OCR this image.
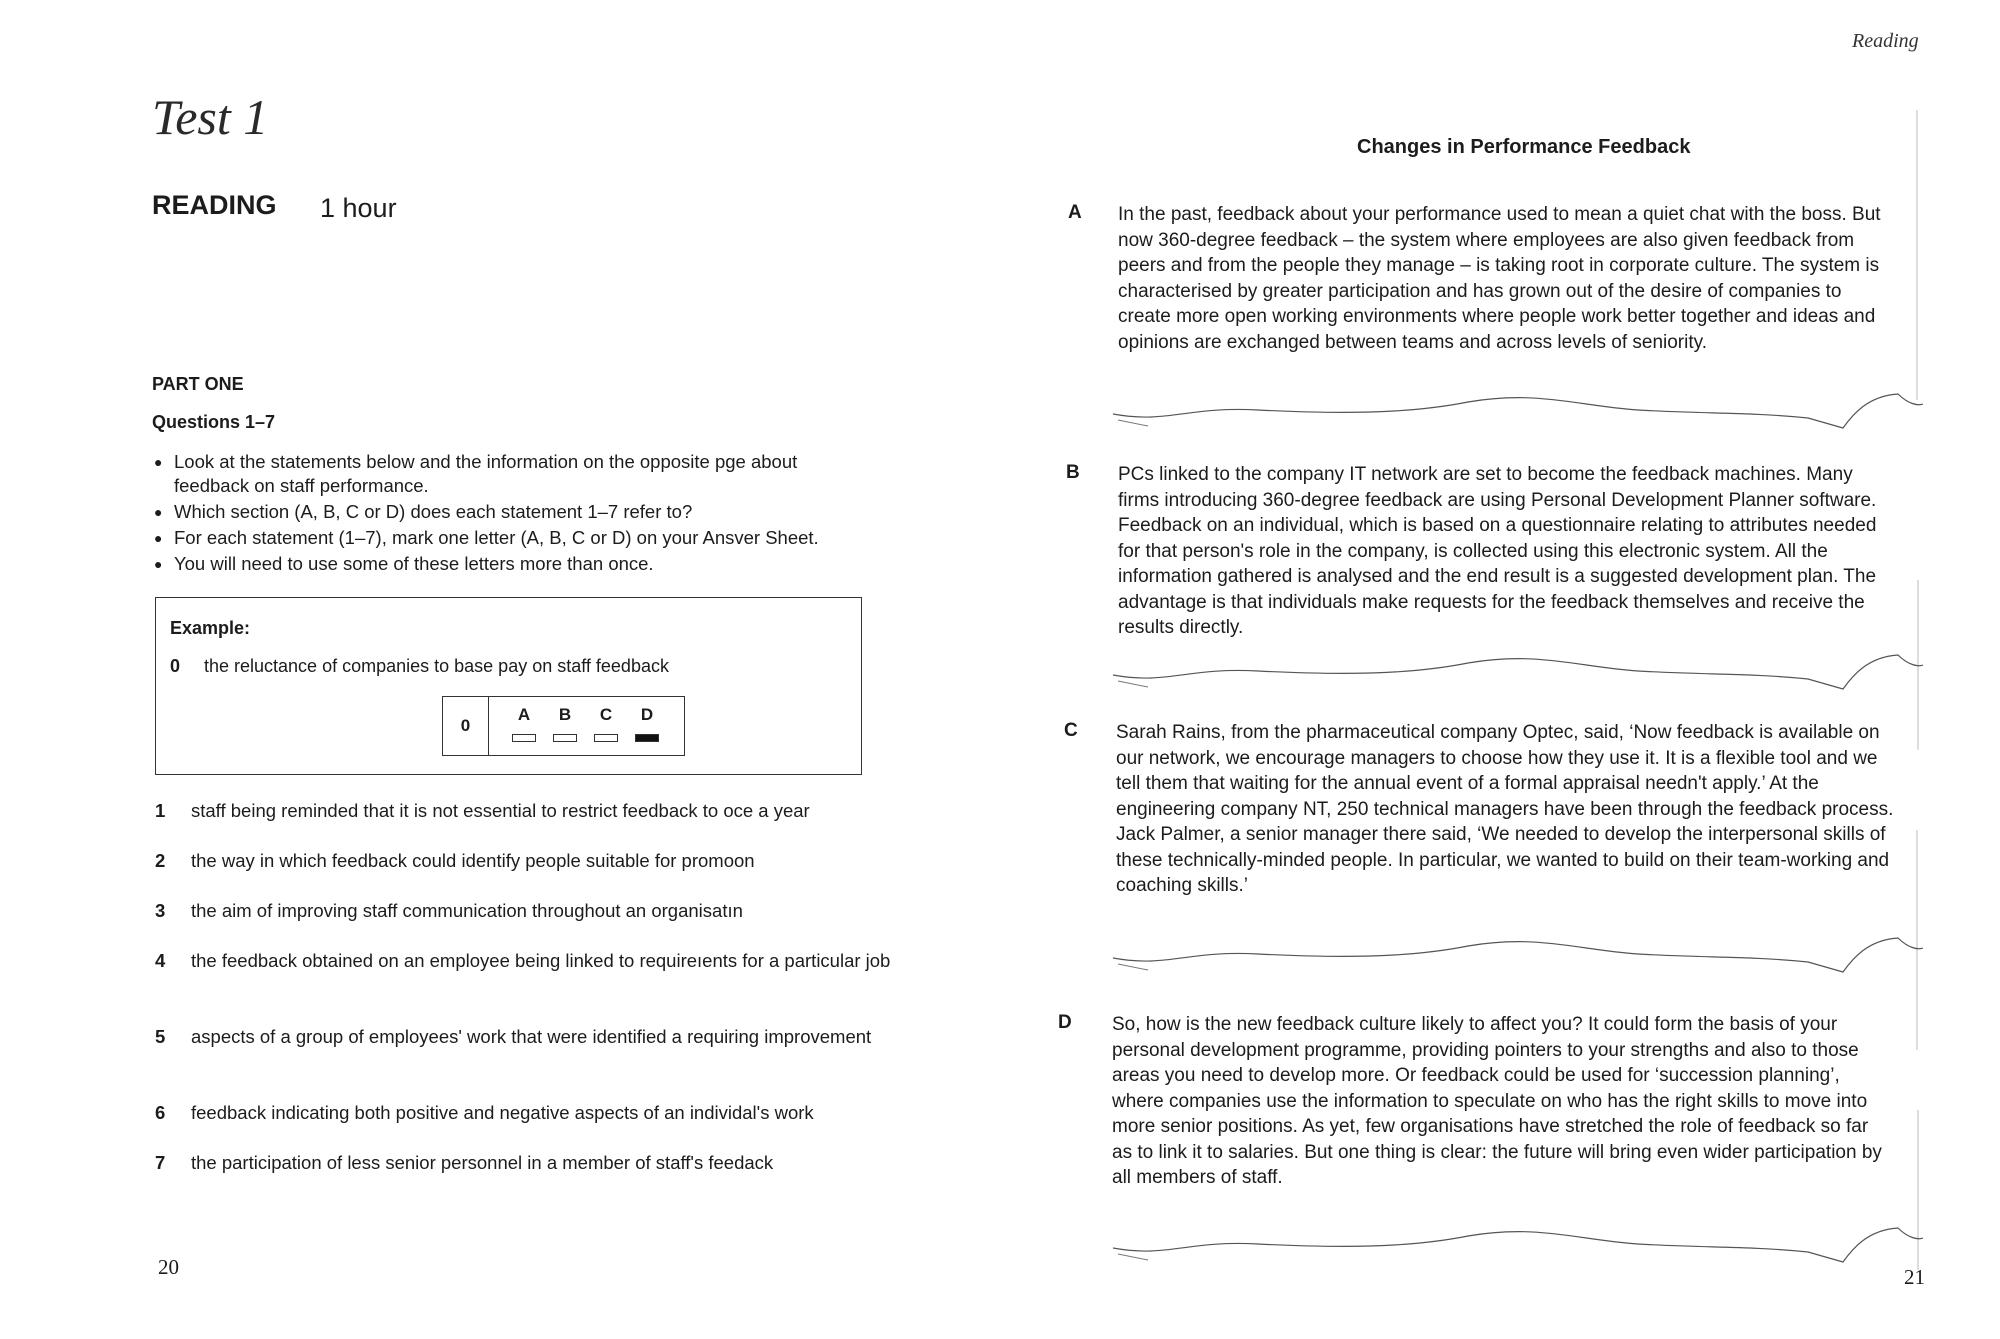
Test 1
READING 1 hour
PART ONE
Questions 1–7
● Look at the statements below and the information on the opposite pge about feedback on staff performance.
● Which section (A, B, C or D) does each statement 1–7 refer to?
● For each statement (1–7), mark one letter (A, B, C or D) on your Ansvеr Sheet.
● You will need to use some of these letters more than once.
Example:
0 the reluctance of companies to base pay on staff feedback
0
A	B	C	D
1 staff being reminded that it is not essential to restrict feedback to oсe a year
2 the way in which feedback could identify people suitable for promoоn
3 the aim of improving staff communication throughout an organisatın
4 the feedback obtained on an employee being linked to requireıents for a particular job
5 aspects of a group of employees' work that were identified а requiring improvement
6 feedback indicating both positive and negative aspects of an individаl's work
7 the participation of less senior personnel in a member of staff's feedack
20
Reading
Changes in Performance Feedback
A In the past, feedback about your performance used to mean a quiet chat with the boss. But now 360-degree feedback – the system where employees are also given feedback from peers and from the people they manage – is taking root in corporate culture. The system is characterised by greater participation and has grown out of the desire of companies to create more open working environments where people work better together and ideas and opinions are exchanged between teams and across levels of seniority.
B PCs linked to the company IT network are set to become the feedback machines. Many firms introducing 360-degree feedback are using Personal Development Planner software. Feedback on an individual, which is based on a questionnaire relating to attributes needed for that person's role in the company, is collected using this electronic system. All the information gathered is analysed and the end result is a suggested development plan. The advantage is that individuals make requests for the feedback themselves and receive the results directly.
C Sarah Rains, from the pharmaceutical company Optec, said, ‘Now feedback is available on our network, we encourage managers to choose how they use it. It is a flexible tool and we tell them that waiting for the annual event of a formal appraisal needn't apply.’ At the engineering company NT, 250 technical managers have been through the feedback process. Jack Palmer, a senior manager there said, ‘We needed to develop the interpersonal skills of these technically-minded people. In particular, we wanted to build on their team-working and coaching skills.’
D So, how is the new feedback culture likely to affect you? It could form the basis of your personal development programme, providing pointers to your strengths and also to those areas you need to develop more. Or feedback could be used for ‘succession planning’, where companies use the information to speculate on who has the right skills to move into more senior positions. As yet, few organisations have stretched the role of feedback so far as to link it to salaries. But one thing is clear: the future will bring even wider participation by all members of staff.
21
